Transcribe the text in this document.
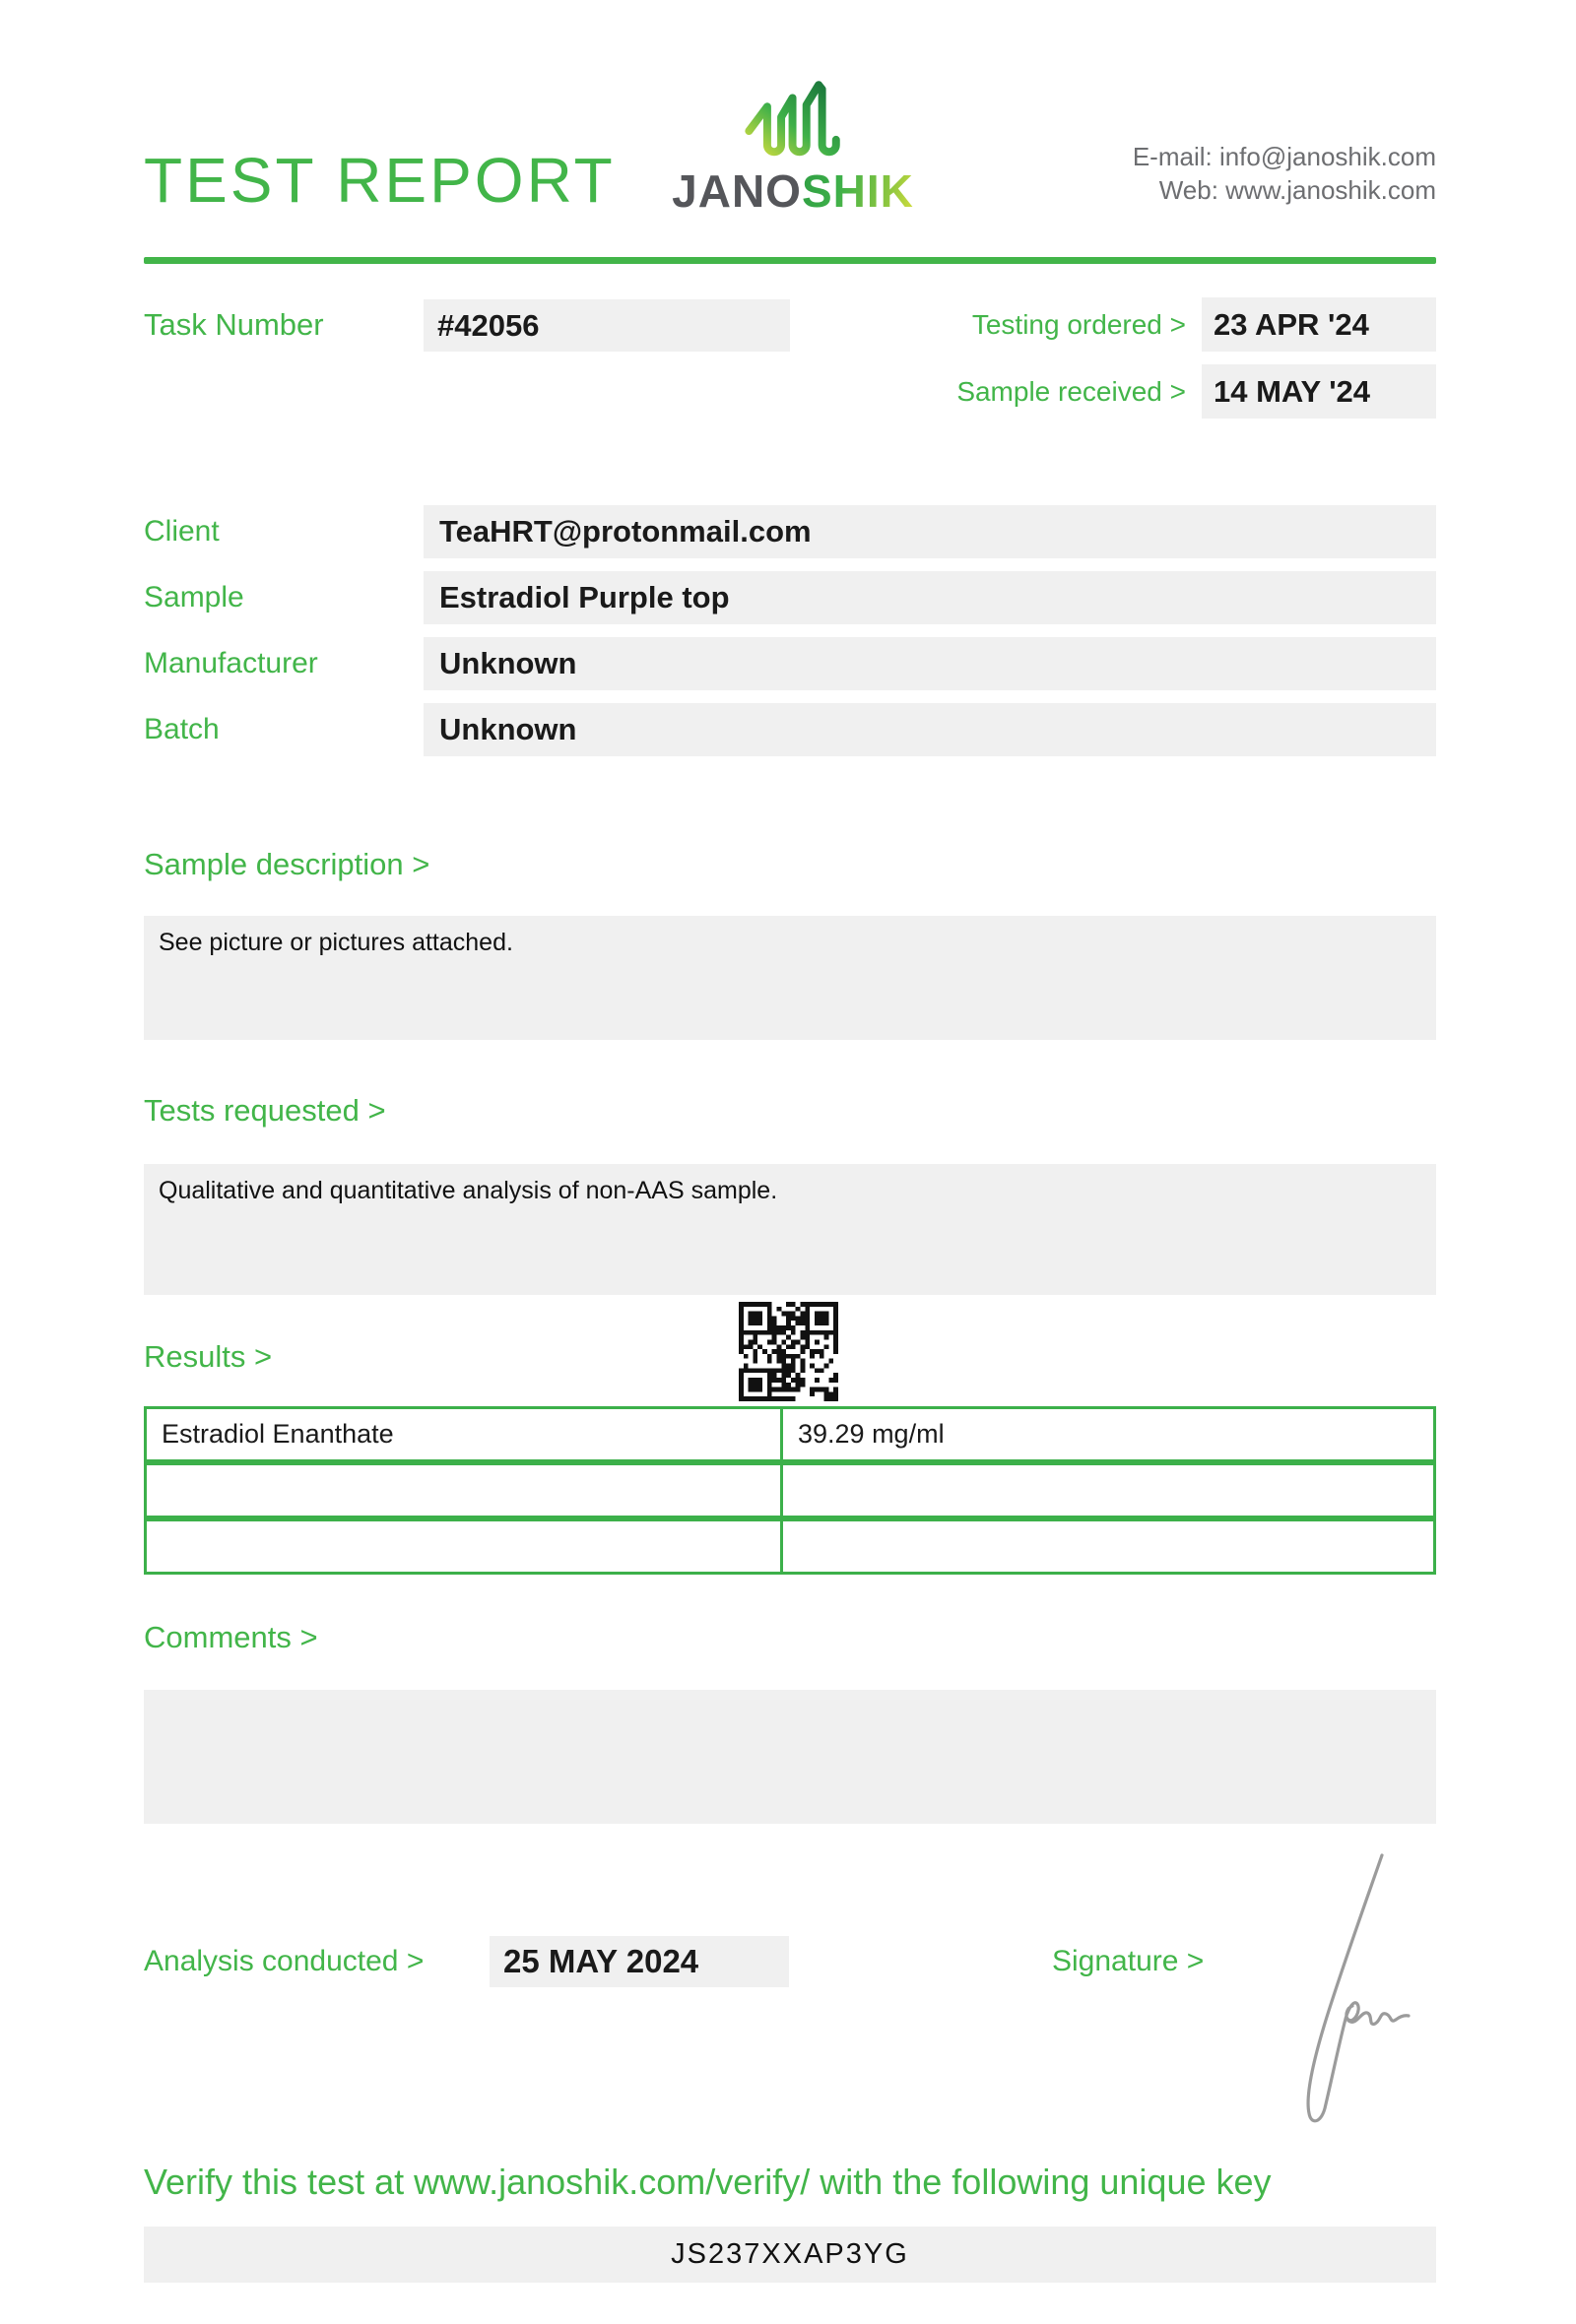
TEST REPORT JANOSHIK
E-mail: info@janoshik.com
Web: www.janoshik.com
Task Number	#42056	Testing ordered > 23 APR '24
Sample received > 14 MAY '24
Client	TeaHRT@protonmail.com
Sample	Estradiol Purple top
Manufacturer	Unknown
Batch	Unknown
Sample description >
See picture or pictures attached.
Tests requested >
Qualitative and quantitative analysis of non-AAS sample.
Results >
Estradiol Enanthate	39.29 mg/ml
Comments >
Analysis conducted >	25 MAY 2024	Signature >
Verify this test at www.janoshik.com/verify/ with the following unique key
JS237XXAP3YG
